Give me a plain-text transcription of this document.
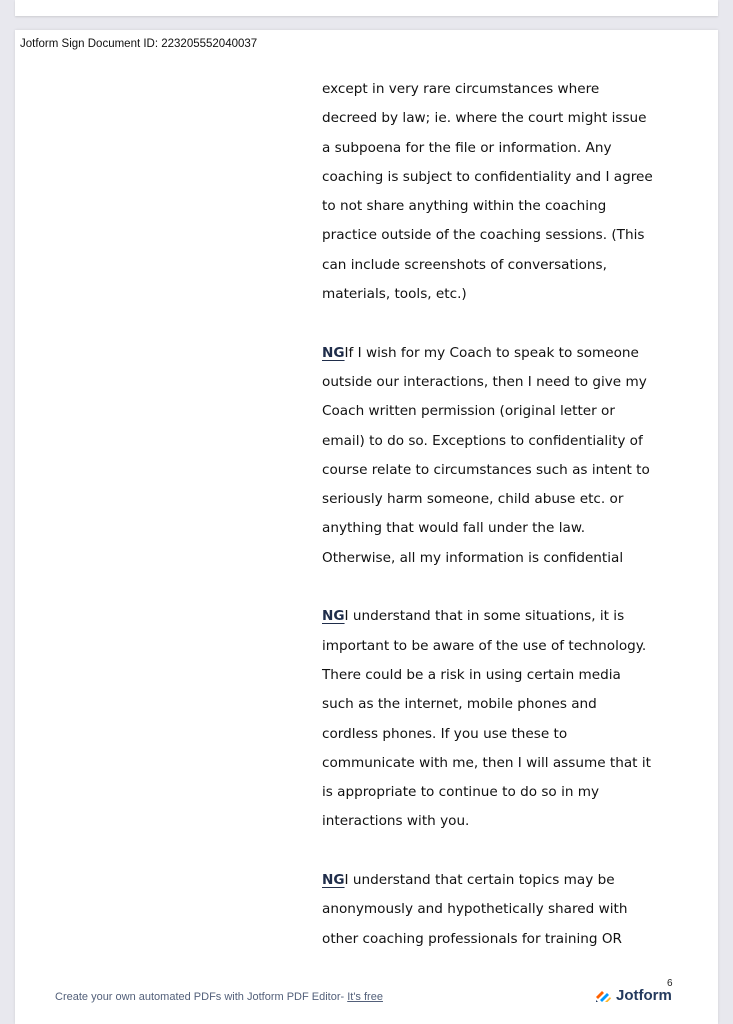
Jotform Sign Document ID: 223205552040037
except in very rare circumstances where
decreed by law; ie. where the court might issue
a subpoena for the file or information. Any
coaching is subject to confidentiality and I agree
to not share anything within the coaching
practice outside of the coaching sessions. (This
can include screenshots of conversations,
materials, tools, etc.)
NGIf I wish for my Coach to speak to someone
outside our interactions, then I need to give my
Coach written permission (original letter or
email) to do so. Exceptions to confidentiality of
course relate to circumstances such as intent to
seriously harm someone, child abuse etc. or
anything that would fall under the law.
Otherwise, all my information is confidential
NGI understand that in some situations, it is
important to be aware of the use of technology.
There could be a risk in using certain media
such as the internet, mobile phones and
cordless phones. If you use these to
communicate with me, then I will assume that it
is appropriate to continue to do so in my
interactions with you.
NGI understand that certain topics may be
anonymously and hypothetically shared with
other coaching professionals for training OR
6
Create your own automated PDFs with Jotform PDF Editor- It's free	Jotform
